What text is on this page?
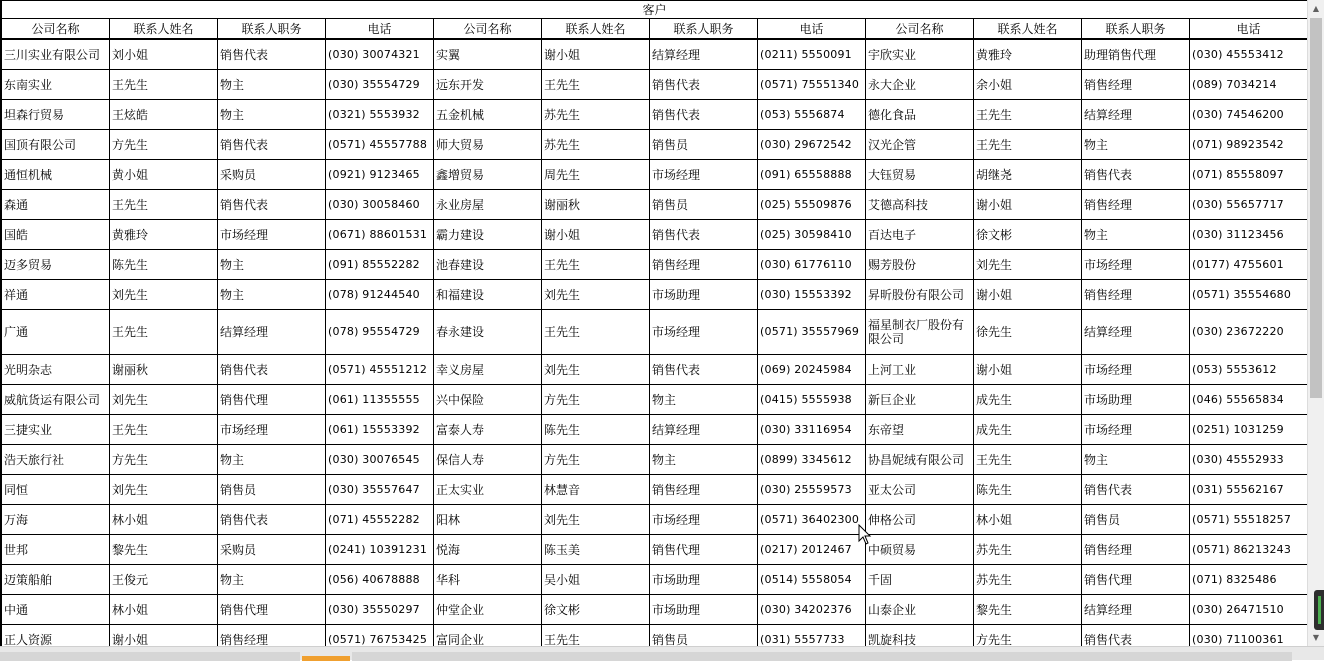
客户											
公司名称	联系人姓名	联系人职务	电话	公司名称	联系人姓名	联系人职务	电话	公司名称	联系人姓名	联系人职务	电话
三川实业有限公司	刘小姐	销售代表	(030) 30074321	实翼	谢小姐	结算经理	(0211) 5550091	宇欣实业	黄雅玲	助理销售代理	(030) 45553412
东南实业	王先生	物主	(030) 35554729	远东开发	王先生	销售代表	(0571) 75551340	永大企业	余小姐	销售经理	(089) 7034214
坦森行贸易	王炫皓	物主	(0321) 5553932	五金机械	苏先生	销售代表	(053) 5556874	德化食品	王先生	结算经理	(030) 74546200
国顶有限公司	方先生	销售代表	(0571) 45557788	师大贸易	苏先生	销售员	(030) 29672542	汉光企管	王先生	物主	(071) 98923542
通恒机械	黄小姐	采购员	(0921) 9123465	鑫增贸易	周先生	市场经理	(091) 65558888	大钰贸易	胡继尧	销售代表	(071) 85558097
森通	王先生	销售代表	(030) 30058460	永业房屋	谢丽秋	销售员	(025) 55509876	艾德高科技	谢小姐	销售经理	(030) 55657717
国皓	黄雅玲	市场经理	(0671) 88601531	霸力建设	谢小姐	销售代表	(025) 30598410	百达电子	徐文彬	物主	(030) 31123456
迈多贸易	陈先生	物主	(091) 85552282	池春建设	王先生	销售经理	(030) 61776110	赐芳股份	刘先生	市场经理	(0177) 4755601
祥通	刘先生	物主	(078) 91244540	和福建设	刘先生	市场助理	(030) 15553392	昇昕股份有限公司	谢小姐	销售经理	(0571) 35554680
广通	王先生	结算经理	(078) 95554729	春永建设	王先生	市场经理	(0571) 35557969	福星制衣厂股份有限公司	徐先生	结算经理	(030) 23672220
光明杂志	谢丽秋	销售代表	(0571) 45551212	幸义房屋	刘先生	销售代表	(069) 20245984	上河工业	谢小姐	市场经理	(053) 5553612
威航货运有限公司	刘先生	销售代理	(061) 11355555	兴中保险	方先生	物主	(0415) 5555938	新巨企业	成先生	市场助理	(046) 55565834
三捷实业	王先生	市场经理	(061) 15553392	富泰人寿	陈先生	结算经理	(030) 33116954	东帝望	成先生	市场经理	(0251) 1031259
浩天旅行社	方先生	物主	(030) 30076545	保信人寿	方先生	物主	(0899) 3345612	协昌妮绒有限公司	王先生	物主	(030) 45552933
同恒	刘先生	销售员	(030) 35557647	正太实业	林慧音	销售经理	(030) 25559573	亚太公司	陈先生	销售代表	(031) 55562167
万海	林小姐	销售代表	(071) 45552282	阳林	刘先生	市场经理	(0571) 36402300	伸格公司	林小姐	销售员	(0571) 55518257
世邦	黎先生	采购员	(0241) 10391231	悦海	陈玉美	销售代理	(0217) 2012467	中硕贸易	苏先生	销售经理	(0571) 86213243
迈策船舶	王俊元	物主	(056) 40678888	华科	吴小姐	市场助理	(0514) 5558054	千固	苏先生	销售代理	(071) 8325486
中通	林小姐	销售代理	(030) 35550297	仲堂企业	徐文彬	市场助理	(030) 34202376	山泰企业	黎先生	结算经理	(030) 26471510
正人资源	谢小姐	销售经理	(0571) 76753425	富同企业	王先生	销售员	(031) 5557733	凯旋科技	方先生	销售代表	(030) 71100361
▲
▼
